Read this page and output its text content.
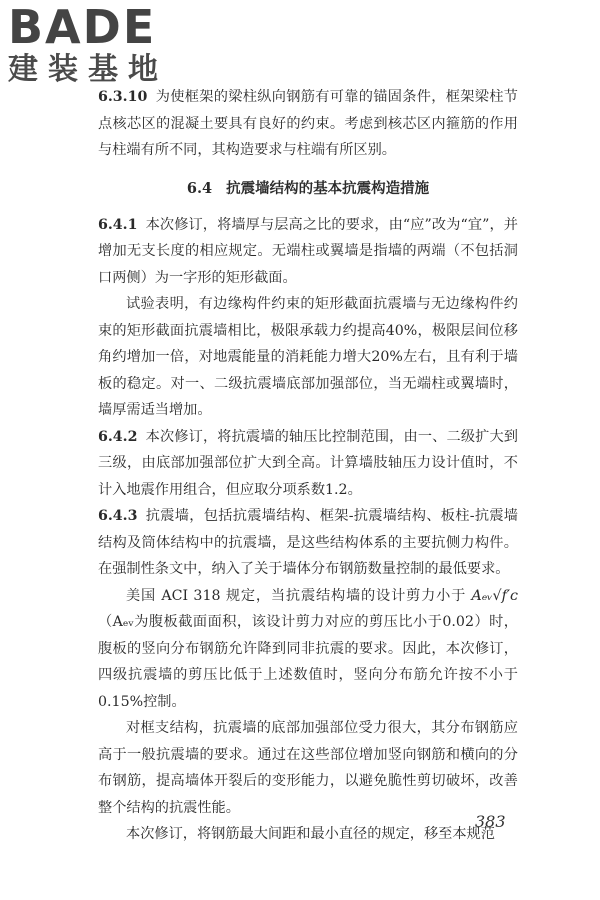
BADE
建装基地

6.3.10 为使框架的梁柱纵向钢筋有可靠的锚固条件，框架梁柱节点核芯区的混凝土要具有良好的约束。考虑到核芯区内箍筋的作用与柱端有所不同，其构造要求与柱端有所区别。

6.4 抗震墙结构的基本抗震构造措施

6.4.1 本次修订，将墙厚与层高之比的要求，由“应”改为“宜”，并增加无支长度的相应规定。无端柱或翼墙是指墙的两端（不包括洞口两侧）为一字形的矩形截面。

试验表明，有边缘构件约束的矩形截面抗震墙与无边缘构件约束的矩形截面抗震墙相比，极限承载力约提高40%，极限层间位移角约增加一倍，对地震能量的消耗能力增大20%左右，且有利于墙板的稳定。对一、二级抗震墙底部加强部位，当无端柱或翼墙时，墙厚需适当增加。

6.4.2 本次修订，将抗震墙的轴压比控制范围，由一、二级扩大到三级，由底部加强部位扩大到全高。计算墙肢轴压力设计值时，不计入地震作用组合，但应取分项系数1.2。

6.4.3 抗震墙，包括抗震墙结构、框架-抗震墙结构、板柱-抗震墙结构及筒体结构中的抗震墙，是这些结构体系的主要抗侧力构件。在强制性条文中，纳入了关于墙体分布钢筋数量控制的最低要求。

美国 ACI 318 规定，当抗震结构墙的设计剪力小于 Aₑᵥ√f′ᴄ（Aₑᵥ为腹板截面面积，该设计剪力对应的剪压比小于0.02）时，腹板的竖向分布钢筋允许降到同非抗震的要求。因此，本次修订，四级抗震墙的剪压比低于上述数值时，竖向分布筋允许按不小于0.15%控制。

对框支结构，抗震墙的底部加强部位受力很大，其分布钢筋应高于一般抗震墙的要求。通过在这些部位增加竖向钢筋和横向的分布钢筋，提高墙体开裂后的变形能力，以避免脆性剪切破坏，改善整个结构的抗震性能。

本次修订，将钢筋最大间距和最小直径的规定，移至本规范

383
